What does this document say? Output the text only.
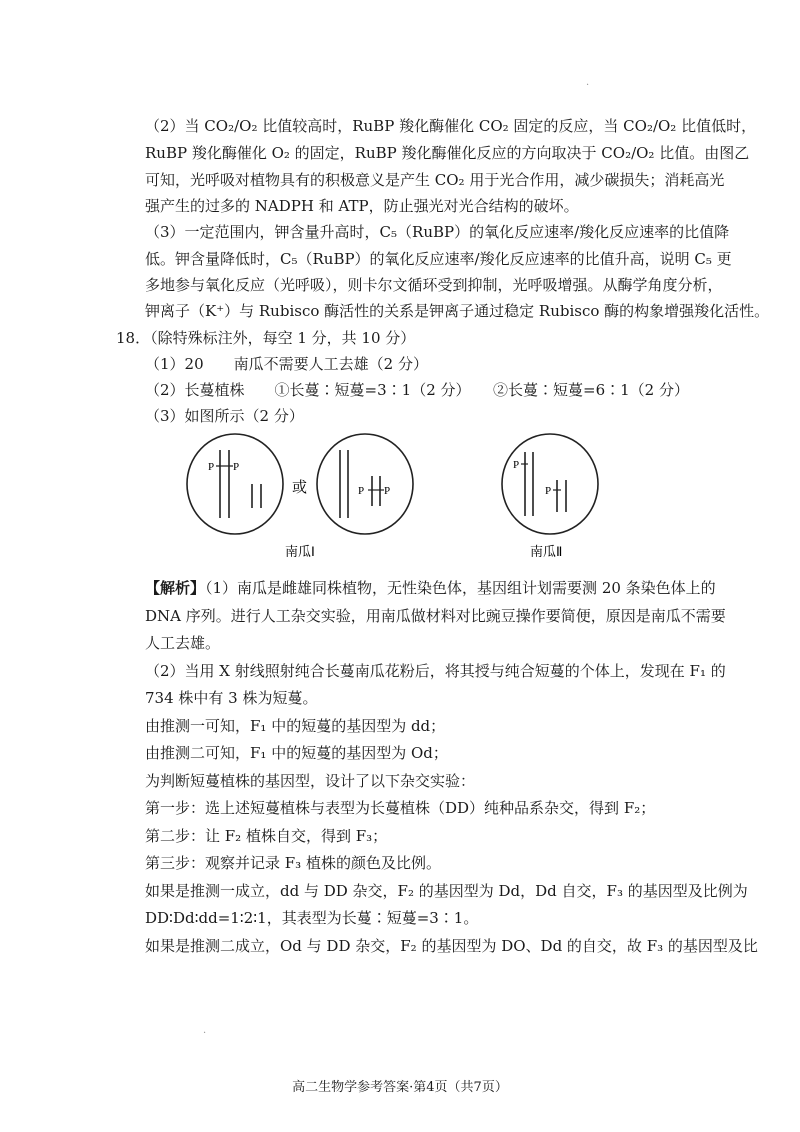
·
（2）当 CO₂/O₂ 比值较高时，RuBP 羧化酶催化 CO₂ 固定的反应，当 CO₂/O₂ 比值低时，
RuBP 羧化酶催化 O₂ 的固定，RuBP 羧化酶催化反应的方向取决于 CO₂/O₂ 比值。由图乙
可知，光呼吸对植物具有的积极意义是产生 CO₂ 用于光合作用，减少碳损失；消耗高光
强产生的过多的 NADPH 和 ATP，防止强光对光合结构的破坏。
（3）一定范围内，钾含量升高时，C₅（RuBP）的氧化反应速率/羧化反应速率的比值降
低。钾含量降低时，C₅（RuBP）的氧化反应速率/羧化反应速率的比值升高，说明 C₅ 更
多地参与氧化反应（光呼吸），则卡尔文循环受到抑制，光呼吸增强。从酶学角度分析，
钾离子（K⁺）与 Rubisco 酶活性的关系是钾离子通过稳定 Rubisco 酶的构象增强羧化活性。
18．（除特殊标注外，每空 1 分，共 10 分）
（1）20　　南瓜不需要人工去雄（2 分）
（2）长蔓植株　　①长蔓∶短蔓=3∶1（2 分）　　②长蔓∶短蔓=6∶1（2 分）
（3）如图所示（2 分）
P P
或	P P
P
P
南瓜Ⅰ	南瓜Ⅱ
【解析】（1）南瓜是雌雄同株植物，无性染色体，基因组计划需要测 20 条染色体上的
DNA 序列。进行人工杂交实验，用南瓜做材料对比豌豆操作要简便，原因是南瓜不需要
人工去雄。
（2）当用 X 射线照射纯合长蔓南瓜花粉后，将其授与纯合短蔓的个体上，发现在 F₁ 的
734 株中有 3 株为短蔓。
由推测一可知，F₁ 中的短蔓的基因型为 dd；
由推测二可知，F₁ 中的短蔓的基因型为 Od；
为判断短蔓植株的基因型，设计了以下杂交实验：
第一步：选上述短蔓植株与表型为长蔓植株（DD）纯种品系杂交，得到 F₂；
第二步：让 F₂ 植株自交，得到 F₃；
第三步：观察并记录 F₃ 植株的颜色及比例。
如果是推测一成立，dd 与 DD 杂交，F₂ 的基因型为 Dd，Dd 自交，F₃ 的基因型及比例为
DD∶Dd∶dd=1∶2∶1，其表型为长蔓∶短蔓=3∶1。
如果是推测二成立，Od 与 DD 杂交，F₂ 的基因型为 DO、Dd 的自交，故 F₃ 的基因型及比
·
高二生物学参考答案·第4页（共7页）
